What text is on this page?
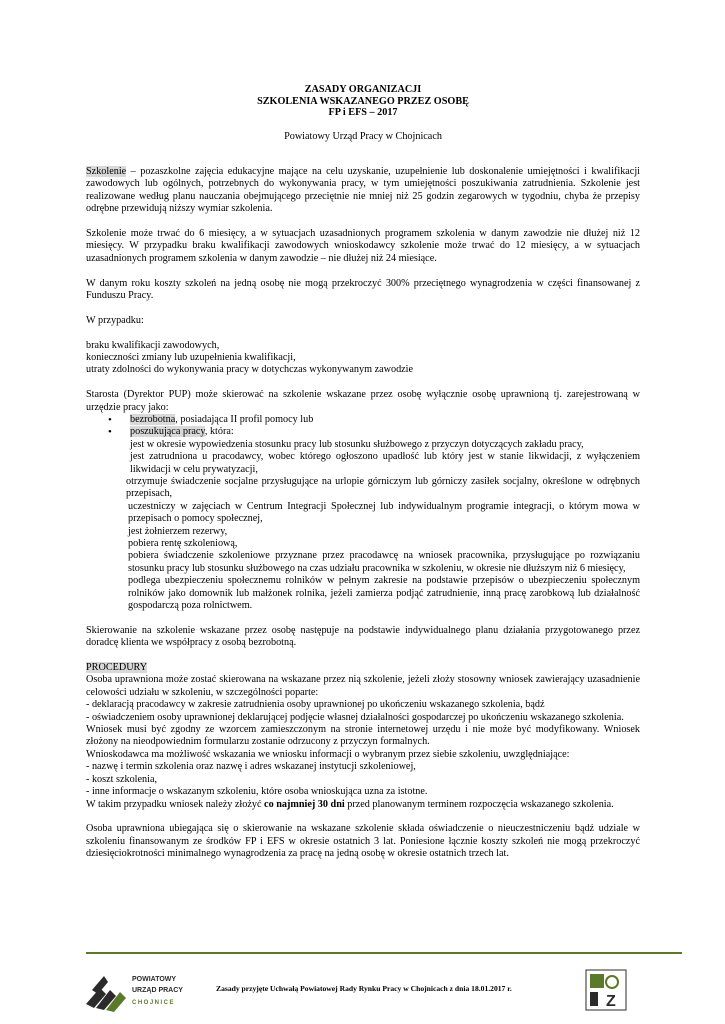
ZASADY ORGANIZACJI
SZKOLENIA WSKAZANEGO PRZEZ OSOBĘ
FP i EFS – 2017
Powiatowy Urząd Pracy w Chojnicach

Szkolenie – pozaszkolne zajęcia edukacyjne mające na celu uzyskanie, uzupełnienie lub doskonalenie umiejętności i kwalifikacji zawodowych lub ogólnych, potrzebnych do wykonywania pracy, w tym umiejętności poszukiwania zatrudnienia. Szkolenie jest realizowane według planu nauczania obejmującego przeciętnie nie mniej niż 25 godzin zegarowych w tygodniu, chyba że przepisy odrębne przewidują niższy wymiar szkolenia.

Szkolenie może trwać do 6 miesięcy, a w sytuacjach uzasadnionych programem szkolenia w danym zawodzie nie dłużej niż 12 miesięcy. W przypadku braku kwalifikacji zawodowych wnioskodawcy szkolenie może trwać do 12 miesięcy, a w sytuacjach uzasadnionych programem szkolenia w danym zawodzie – nie dłużej niż 24 miesiące.

W danym roku koszty szkoleń na jedną osobę nie mogą przekroczyć 300% przeciętnego wynagrodzenia w części finansowanej z Funduszu Pracy.

W przypadku:

braku kwalifikacji zawodowych,
konieczności zmiany lub uzupełnienia kwalifikacji,
utraty zdolności do wykonywania pracy w dotychczas wykonywanym zawodzie
Starosta (Dyrektor PUP) może skierować na szkolenie wskazane przez osobę wyłącznie osobę uprawnioną tj. zarejestrowaną w urzędzie pracy jako:
• bezrobotna, posiadająca II profil pomocy lub
• poszukująca pracy, która:
jest w okresie wypowiedzenia stosunku pracy lub stosunku służbowego z przyczyn dotyczących zakładu pracy,
jest zatrudniona u pracodawcy, wobec którego ogłoszono upadłość lub który jest w stanie likwidacji, z wyłączeniem likwidacji w celu prywatyzacji,
otrzymuje świadczenie socjalne przysługujące na urlopie górniczym lub górniczy zasiłek socjalny, określone w odrębnych przepisach,
uczestniczy w zajęciach w Centrum Integracji Społecznej lub indywidualnym programie integracji, o którym mowa w przepisach o pomocy społecznej,
jest żołnierzem rezerwy,
pobiera rentę szkoleniową,
pobiera świadczenie szkoleniowe przyznane przez pracodawcę na wniosek pracownika, przysługujące po rozwiązaniu stosunku pracy lub stosunku służbowego na czas udziału pracownika w szkoleniu, w okresie nie dłuższym niż 6 miesięcy,
podlega ubezpieczeniu społecznemu rolników w pełnym zakresie na podstawie przepisów o ubezpieczeniu społecznym rolników jako domownik lub małżonek rolnika, jeżeli zamierza podjąć zatrudnienie, inną pracę zarobkową lub działalność gospodarczą poza rolnictwem.

Skierowanie na szkolenie wskazane przez osobę następuje na podstawie indywidualnego planu działania przygotowanego przez doradcę klienta we współpracy z osobą bezrobotną.

PROCEDURY
Osoba uprawniona może zostać skierowana na wskazane przez nią szkolenie, jeżeli złoży stosowny wniosek zawierający uzasadnienie celowości udziału w szkoleniu, w szczególności poparte:
- deklaracją pracodawcy w zakresie zatrudnienia osoby uprawnionej po ukończeniu wskazanego szkolenia, bądź
- oświadczeniem osoby uprawnionej deklarującej podjęcie własnej działalności gospodarczej po ukończeniu wskazanego szkolenia.
Wniosek musi być zgodny ze wzorcem zamieszczonym na stronie internetowej urzędu i nie może być modyfikowany. Wniosek złożony na nieodpowiednim formularzu zostanie odrzucony z przyczyn formalnych.
Wnioskodawca ma możliwość wskazania we wniosku informacji o wybranym przez siebie szkoleniu, uwzględniające:
- nazwę i termin szkolenia oraz nazwę i adres wskazanej instytucji szkoleniowej,
- koszt szkolenia,
- inne informacje o wskazanym szkoleniu, które osoba wnioskująca uzna za istotne.
W takim przypadku wniosek należy złożyć co najmniej 30 dni przed planowanym terminem rozpoczęcia wskazanego szkolenia.

Osoba uprawniona ubiegająca się o skierowanie na wskazane szkolenie składa oświadczenie o nieuczestniczeniu bądź udziale w szkoleniu finansowanym ze środków FP i EFS w okresie ostatnich 3 lat. Poniesione łącznie koszty szkoleń nie mogą przekroczyć dziesięciokrotności minimalnego wynagrodzenia za pracę na jedną osobę w okresie ostatnich trzech lat.

POWIATOWY
URZĄD PRACY
CHOJNICE
Zasady przyjęte Uchwałą Powiatowej Rady Rynku Pracy w Chojnicach z dnia 18.01.2017 r.
Z
